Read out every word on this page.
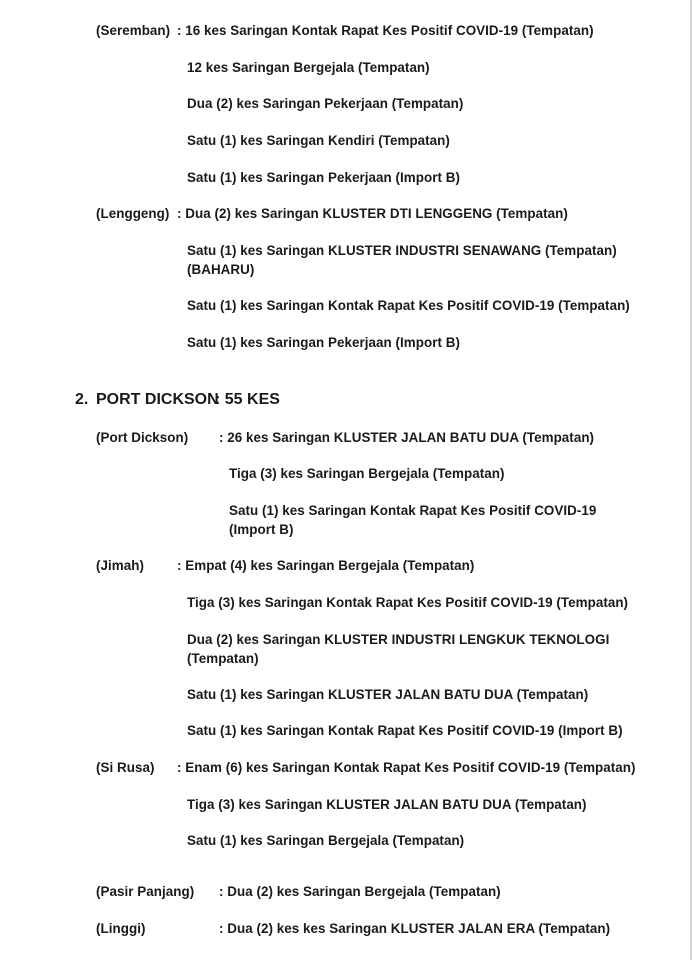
(Seremban) : 16 kes Saringan Kontak Rapat Kes Positif COVID-19 (Tempatan)
12 kes Saringan Bergejala (Tempatan)
Dua (2) kes Saringan Pekerjaan (Tempatan)
Satu (1) kes Saringan Kendiri (Tempatan)
Satu (1) kes Saringan Pekerjaan (Import B)
(Lenggeng) : Dua (2) kes Saringan KLUSTER DTI LENGGENG (Tempatan)
Satu (1) kes Saringan KLUSTER INDUSTRI SENAWANG (Tempatan)
(BAHARU)
Satu (1) kes Saringan Kontak Rapat Kes Positif COVID-19 (Tempatan)
Satu (1) kes Saringan Pekerjaan (Import B)
2. PORT DICKSON
: 55 KES
(Port Dickson) : 26 kes Saringan KLUSTER JALAN BATU DUA (Tempatan)
Tiga (3) kes Saringan Bergejala (Tempatan)
Satu (1) kes Saringan Kontak Rapat Kes Positif COVID-19
(Import B)
(Jimah) : Empat (4) kes Saringan Bergejala (Tempatan)
Tiga (3) kes Saringan Kontak Rapat Kes Positif COVID-19 (Tempatan)
Dua (2) kes Saringan KLUSTER INDUSTRI LENGKUK TEKNOLOGI
(Tempatan)
Satu (1) kes Saringan KLUSTER JALAN BATU DUA (Tempatan)
Satu (1) kes Saringan Kontak Rapat Kes Positif COVID-19 (Import B)
(Si Rusa) : Enam (6) kes Saringan Kontak Rapat Kes Positif COVID-19 (Tempatan)
Tiga (3) kes Saringan KLUSTER JALAN BATU DUA (Tempatan)
Satu (1) kes Saringan Bergejala (Tempatan)
(Pasir Panjang) : Dua (2) kes Saringan Bergejala (Tempatan)
(Linggi)	: Dua (2) kes kes Saringan KLUSTER JALAN ERA (Tempatan)
